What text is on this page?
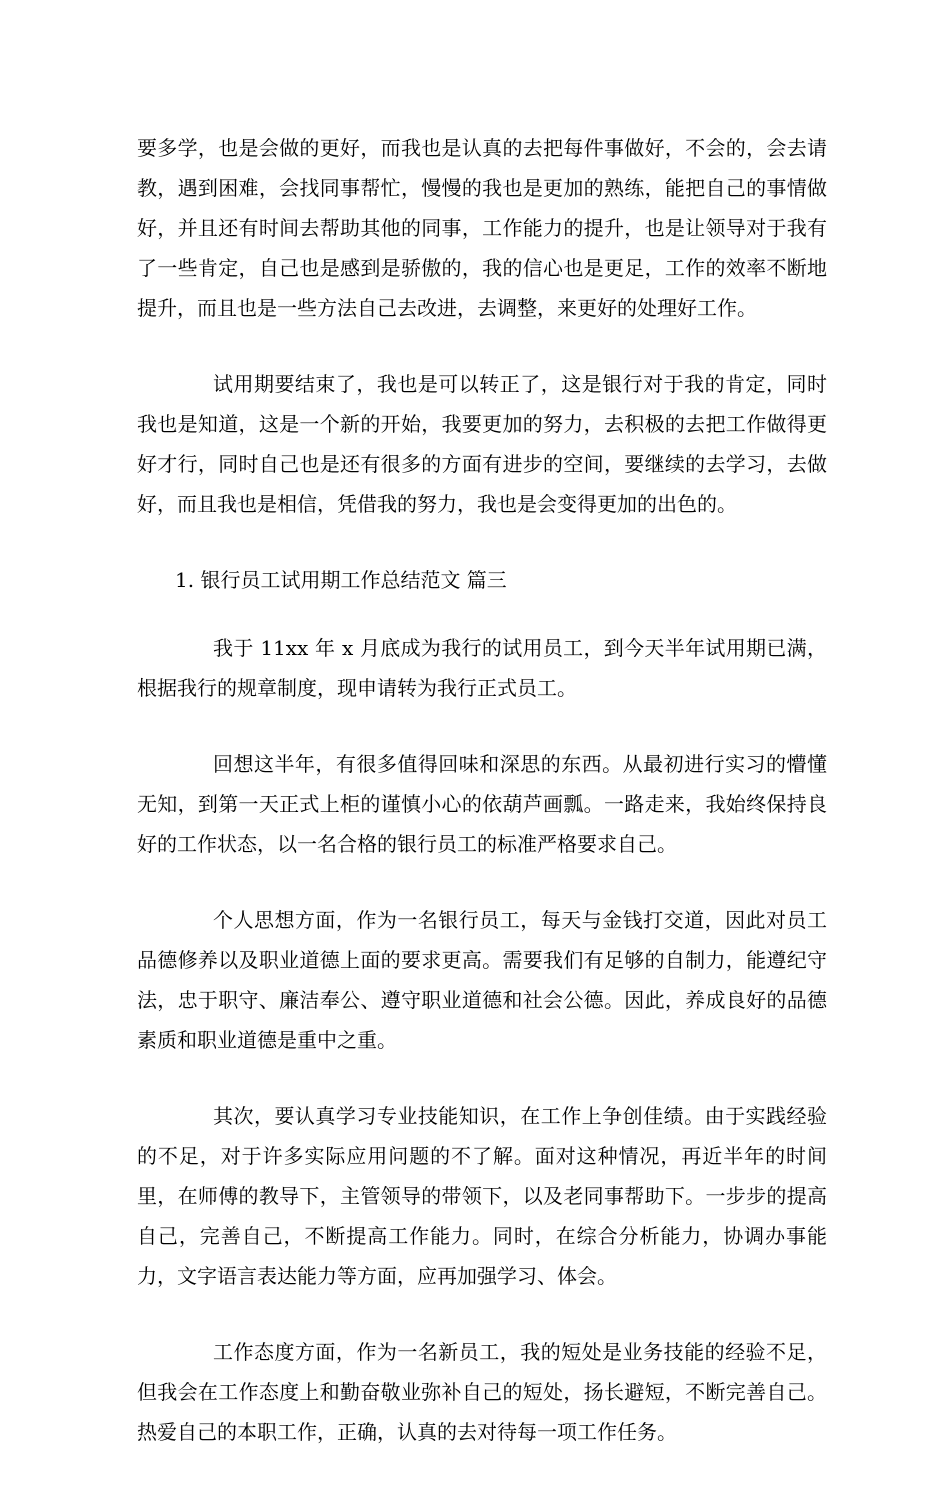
要多学，也是会做的更好，而我也是认真的去把每件事做好，不会的，会去请教，遇到困难，会找同事帮忙，慢慢的我也是更加的熟练，能把自己的事情做好，并且还有时间去帮助其他的同事，工作能力的提升，也是让领导对于我有了一些肯定，自己也是感到是骄傲的，我的信心也是更足，工作的效率不断地提升，而且也是一些方法自己去改进，去调整，来更好的处理好工作。

试用期要结束了，我也是可以转正了，这是银行对于我的肯定，同时我也是知道，这是一个新的开始，我要更加的努力，去积极的去把工作做得更好才行，同时自己也是还有很多的方面有进步的空间，要继续的去学习，去做好，而且我也是相信，凭借我的努力，我也是会变得更加的出色的。

1. 银行员工试用期工作总结范文 篇三

我于 11xx 年 x 月底成为我行的试用员工，到今天半年试用期已满，根据我行的规章制度，现申请转为我行正式员工。

回想这半年，有很多值得回味和深思的东西。从最初进行实习的懵懂无知，到第一天正式上柜的谨慎小心的依葫芦画瓢。一路走来，我始终保持良好的工作状态，以一名合格的银行员工的标准严格要求自己。

个人思想方面，作为一名银行员工，每天与金钱打交道，因此对员工品德修养以及职业道德上面的要求更高。需要我们有足够的自制力，能遵纪守法，忠于职守、廉洁奉公、遵守职业道德和社会公德。因此，养成良好的品德素质和职业道德是重中之重。

其次，要认真学习专业技能知识，在工作上争创佳绩。由于实践经验的不足，对于许多实际应用问题的不了解。面对这种情况，再近半年的时间里，在师傅的教导下，主管领导的带领下，以及老同事帮助下。一步步的提高自己，完善自己，不断提高工作能力。同时，在综合分析能力，协调办事能力，文字语言表达能力等方面，应再加强学习、体会。

工作态度方面，作为一名新员工，我的短处是业务技能的经验不足，但我会在工作态度上和勤奋敬业弥补自己的短处，扬长避短，不断完善自己。热爱自己的本职工作，正确，认真的去对待每一项工作任务。
